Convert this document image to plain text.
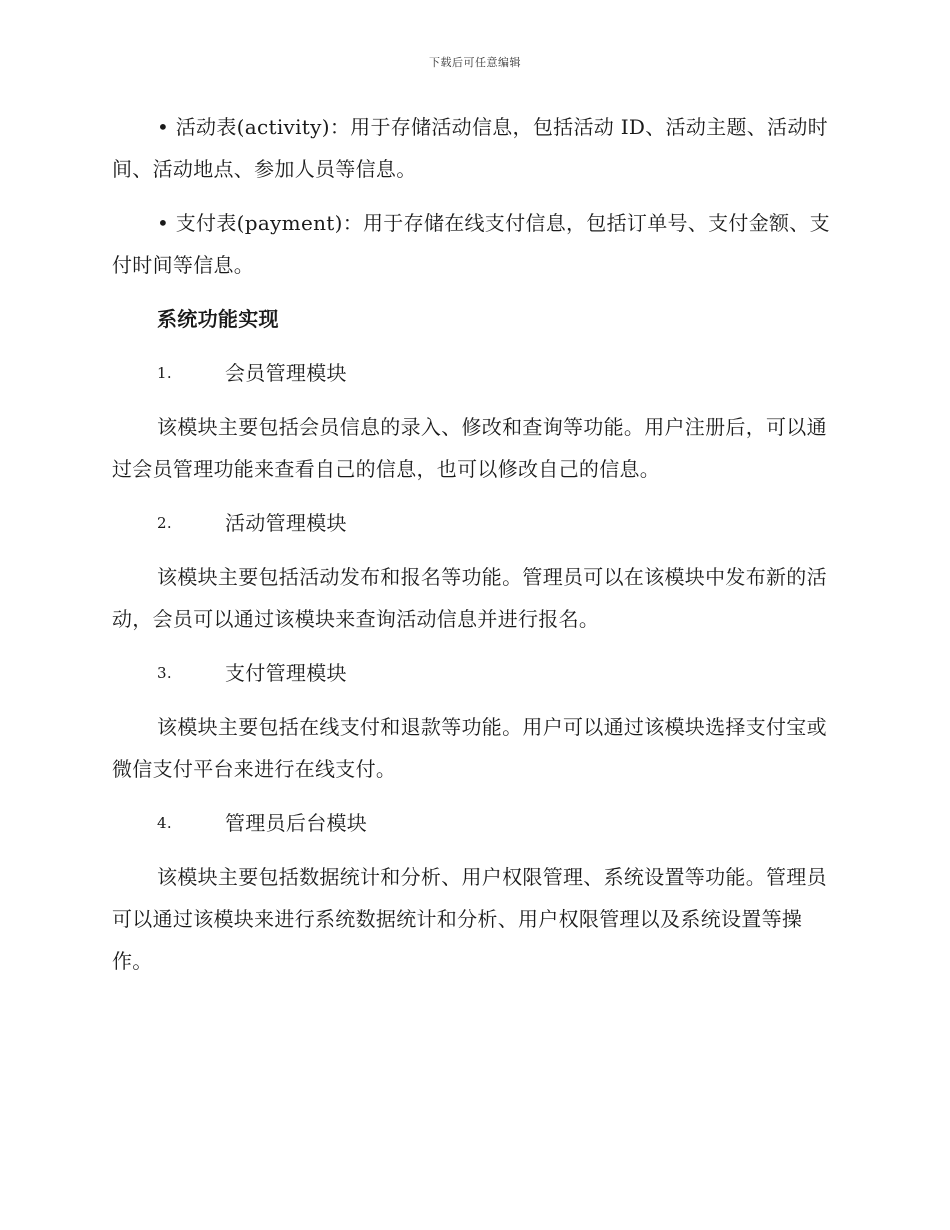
下载后可任意编辑

• 活动表(activity)：用于存储活动信息，包括活动 ID、活动主题、活动时间、活动地点、参加人员等信息。

• 支付表(payment)：用于存储在线支付信息，包括订单号、支付金额、支付时间等信息。

系统功能实现
1.	会员管理模块

该模块主要包括会员信息的录入、修改和查询等功能。用户注册后，可以通过会员管理功能来查看自己的信息，也可以修改自己的信息。

2.	活动管理模块

该模块主要包括活动发布和报名等功能。管理员可以在该模块中发布新的活动，会员可以通过该模块来查询活动信息并进行报名。

3.	支付管理模块

该模块主要包括在线支付和退款等功能。用户可以通过该模块选择支付宝或微信支付平台来进行在线支付。

4.	管理员后台模块

该模块主要包括数据统计和分析、用户权限管理、系统设置等功能。管理员可以通过该模块来进行系统数据统计和分析、用户权限管理以及系统设置等操作。
